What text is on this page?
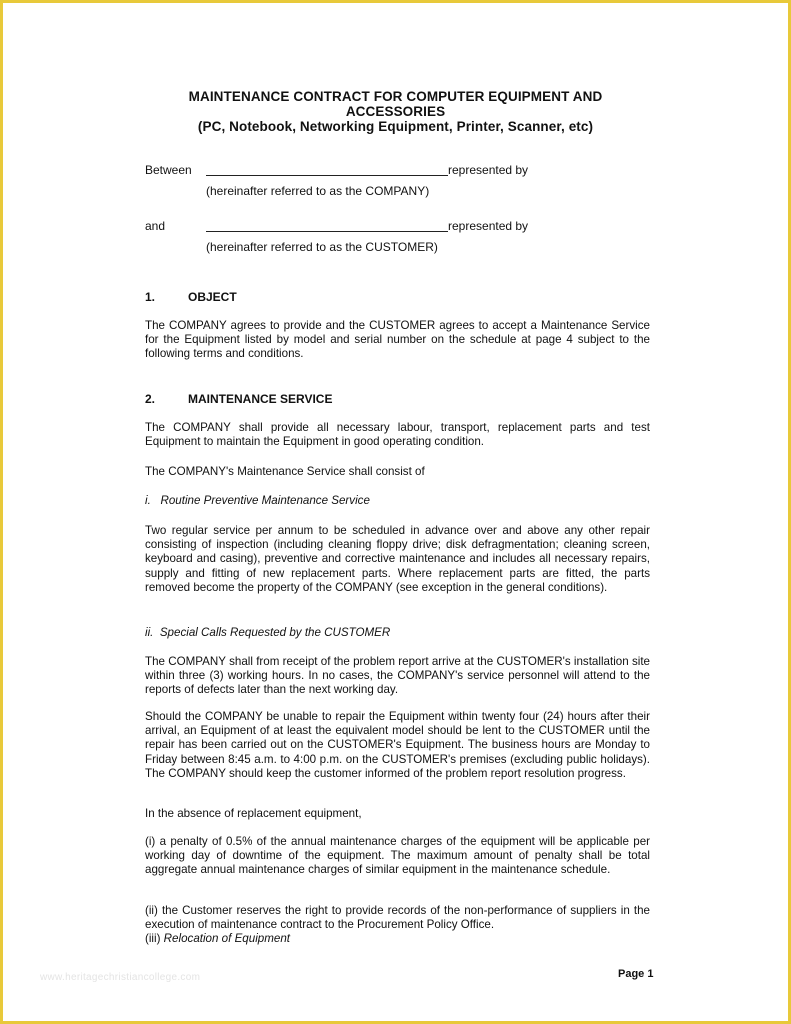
MAINTENANCE CONTRACT FOR COMPUTER EQUIPMENT AND
ACCESSORIES
(PC, Notebook, Networking Equipment, Printer, Scanner, etc)
Between	represented by
(hereinafter referred to as the COMPANY)
and	represented by
(hereinafter referred to as the CUSTOMER)
1.	OBJECT
The COMPANY agrees to provide and the CUSTOMER agrees to accept a Maintenance Service for the Equipment listed by model and serial number on the schedule at page 4 subject to the following terms and conditions.
2.	MAINTENANCE SERVICE
The COMPANY shall provide all necessary labour, transport, replacement parts and test Equipment to maintain the Equipment in good operating condition.
The COMPANY's Maintenance Service shall consist of
i.   Routine Preventive Maintenance Service
Two regular service per annum to be scheduled in advance over and above any other repair consisting of inspection (including cleaning floppy drive; disk defragmentation; cleaning screen, keyboard and casing), preventive and corrective maintenance and includes all necessary repairs, supply and fitting of new replacement parts. Where replacement parts are fitted, the parts removed become the property of the COMPANY (see exception in the general conditions).
ii.  Special Calls Requested by the CUSTOMER
The COMPANY shall from receipt of the problem report arrive at the CUSTOMER's installation site within three (3) working hours. In no cases, the COMPANY's service personnel will attend to the reports of defects later than the next working day.
Should the COMPANY be unable to repair the Equipment within twenty four (24) hours after their arrival, an Equipment of at least the equivalent model should be lent to the CUSTOMER until the repair has been carried out on the CUSTOMER's Equipment. The business hours are Monday to Friday between 8:45 a.m. to 4:00 p.m. on the CUSTOMER's premises (excluding public holidays). The COMPANY should keep the customer informed of the problem report resolution progress.
In the absence of replacement equipment,
(i) a penalty of 0.5% of the annual maintenance charges of the equipment will be applicable per working day of downtime of the equipment. The maximum amount of penalty shall be total aggregate annual maintenance charges of similar equipment in the maintenance schedule.
(ii) the Customer reserves the right to provide records of the non-performance of suppliers in the execution of maintenance contract to the Procurement Policy Office.
(iii) Relocation of Equipment
www.heritagechristiancollege.com	Page 1
